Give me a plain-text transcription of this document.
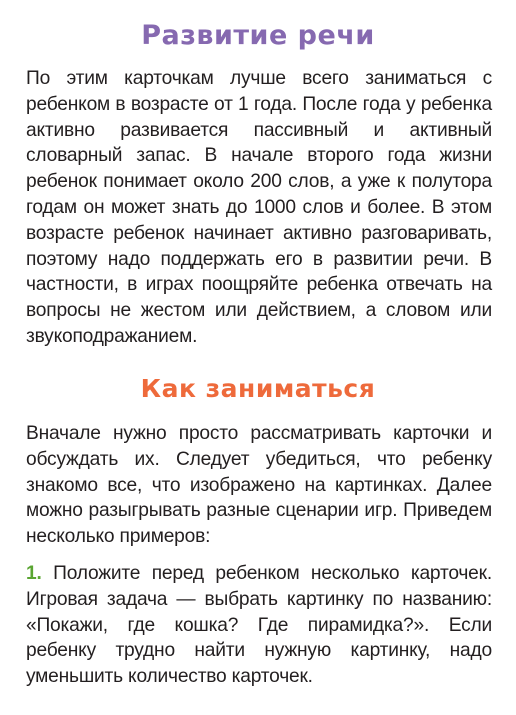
Развитие речи

По этим карточкам лучше всего заниматься с ребенком в возрасте от 1 года. После года у ребенка активно развивается пассивный и активный словарный запас. В начале второго года жизни ребенок понимает около 200 слов, а уже к полутора годам он может знать до 1000 слов и более. В этом возрасте ребенок начинает активно разговаривать, поэтому надо поддержать его в развитии речи. В частности, в играх поощряйте ребенка отвечать на вопросы не жестом или действием, а словом или звукоподражанием.

Как заниматься

Вначале нужно просто рассматривать карточки и обсуждать их. Следует убедиться, что ребенку знакомо все, что изображено на картинках. Далее можно разыгрывать разные сценарии игр. Приведем несколько примеров:

1. Положите перед ребенком несколько карточек. Игровая задача — выбрать картинку по названию: «Покажи, где кошка? Где пирамидка?». Если ребенку трудно найти нужную картинку, надо уменьшить количество карточек.
